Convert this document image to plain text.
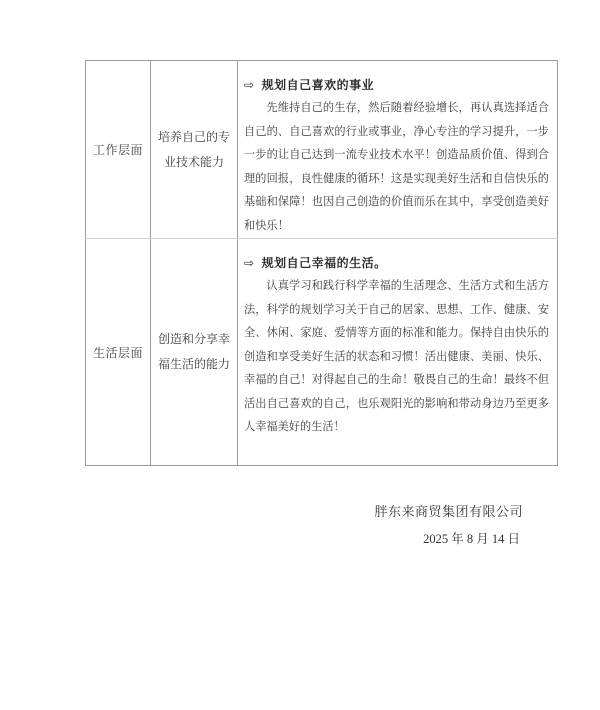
工作层面	培养自己的专业技术能力	⇨ 规划自己喜欢的事业

先维持自己的生存，然后随着经验增长，再认真选择适合自己的、自己喜欢的行业或事业，净心专注的学习提升，一步一步的让自己达到一流专业技术水平！创造品质价值、得到合理的回报，良性健康的循环！这是实现美好生活和自信快乐的基础和保障！也因自己创造的价值而乐在其中，享受创造美好和快乐！

生活层面	创造和分享幸福生活的能力	⇨ 规划自己幸福的生活。

认真学习和践行科学幸福的生活理念、生活方式和生活方法，科学的规划学习关于自己的居家、思想、工作、健康、安全、休闲、家庭、爱情等方面的标准和能力。保持自由快乐的创造和享受美好生活的状态和习惯！活出健康、美丽、快乐、幸福的自己！对得起自己的生命！敬畏自己的生命！最终不但活出自己喜欢的自己，也乐观阳光的影响和带动身边乃至更多人幸福美好的生活！

胖东来商贸集团有限公司
2025 年 8 月 14 日
